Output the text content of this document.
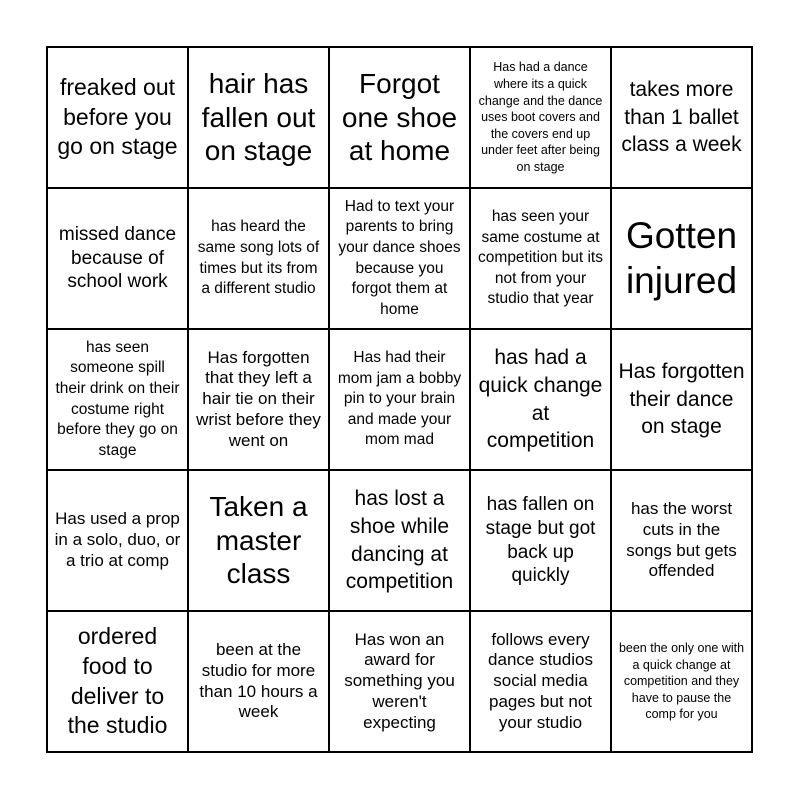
freaked out before you go on stage
hair has fallen out on stage
Forgot one shoe at home
Has had a dance where its a quick change and the dance uses boot covers and the covers end up under feet after being on stage
takes more than 1 ballet class a week
missed dance because of school work
has heard the same song lots of times but its from a different studio
Had to text your parents to bring your dance shoes because you forgot them at home
has seen your same costume at competition but its not from your studio that year
Gotten injured
has seen someone spill their drink on their costume right before they go on stage
Has forgotten that they left a hair tie on their wrist before they went on
Has had their mom jam a bobby pin to your brain and made your mom mad
has had a quick change at competition
Has forgotten their dance on stage
Has used a prop in a solo, duo, or a trio at comp
Taken a master class
has lost a shoe while dancing at competition
has fallen on stage but got back up quickly
has the worst cuts in the songs but gets offended
ordered food to deliver to the studio
been at the studio for more than 10 hours a week
Has won an award for something you weren't expecting
follows every dance studios social media pages but not your studio
been the only one with a quick change at competition and they have to pause the comp for you
